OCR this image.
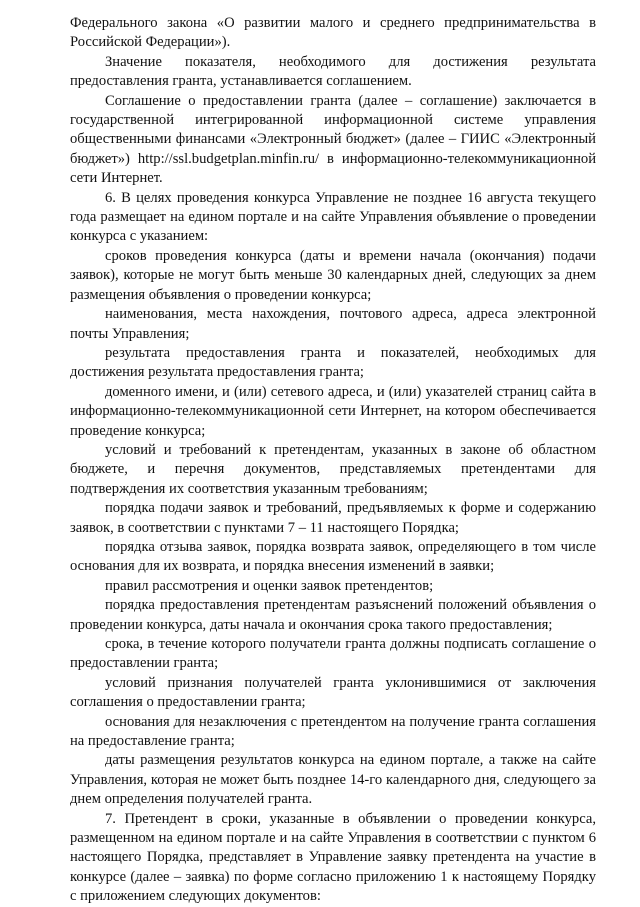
Федерального закона «О развитии малого и среднего предпринимательства в Российской Федерации»).

Значение показателя, необходимого для достижения результата предоставления гранта, устанавливается соглашением.

Соглашение о предоставлении гранта (далее – соглашение) заключается в государственной интегрированной информационной системе управления общественными финансами «Электронный бюджет» (далее – ГИИС «Электронный бюджет») http://ssl.budgetplan.minfin.ru/ в информационно-телекоммуникационной сети Интернет.

6. В целях проведения конкурса Управление не позднее 16 августа текущего года размещает на едином портале и на сайте Управления объявление о проведении конкурса с указанием:

сроков проведения конкурса (даты и времени начала (окончания) подачи заявок), которые не могут быть меньше 30 календарных дней, следующих за днем размещения объявления о проведении конкурса;

наименования, места нахождения, почтового адреса, адреса электронной почты Управления;

результата предоставления гранта и показателей, необходимых для достижения результата предоставления гранта;

доменного имени, и (или) сетевого адреса, и (или) указателей страниц сайта в информационно-телекоммуникационной сети Интернет, на котором обеспечивается проведение конкурса;

условий и требований к претендентам, указанных в законе об областном бюджете, и перечня документов, представляемых претендентами для подтверждения их соответствия указанным требованиям;

порядка подачи заявок и требований, предъявляемых к форме и содержанию заявок, в соответствии с пунктами 7 – 11 настоящего Порядка;

порядка отзыва заявок, порядка возврата заявок, определяющего в том числе основания для их возврата, и порядка внесения изменений в заявки;

правил рассмотрения и оценки заявок претендентов;

порядка предоставления претендентам разъяснений положений объявления о проведении конкурса, даты начала и окончания срока такого предоставления;

срока, в течение которого получатели гранта должны подписать соглашение о предоставлении гранта;

условий признания получателей гранта уклонившимися от заключения соглашения о предоставлении гранта;

основания для незаключения с претендентом на получение гранта соглашения на предоставление гранта;

даты размещения результатов конкурса на едином портале, а также на сайте Управления, которая не может быть позднее 14-го календарного дня, следующего за днем определения получателей гранта.

7. Претендент в сроки, указанные в объявлении о проведении конкурса, размещенном на едином портале и на сайте Управления в соответствии с пунктом 6 настоящего Порядка, представляет в Управление заявку претендента на участие в конкурсе (далее – заявка) по форме согласно приложению 1 к настоящему Порядку с приложением следующих документов:
